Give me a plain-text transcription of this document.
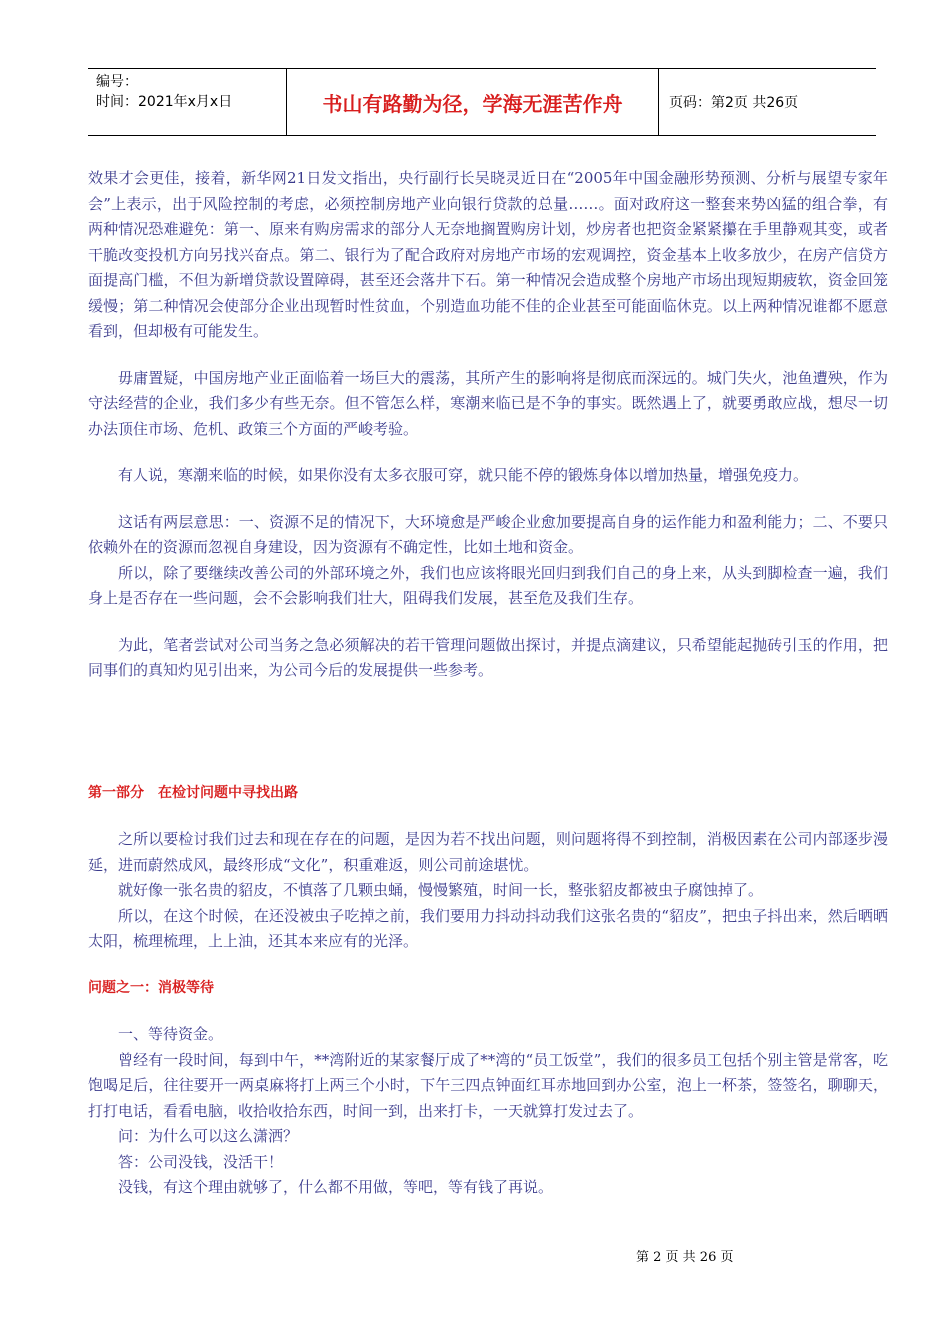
编号：
时间：2021年x月x日	书山有路勤为径，学海无涯苦作舟	页码：第2页 共26页

效果才会更佳，接着，新华网21日发文指出，央行副行长吴晓灵近日在“2005年中国金融形势预测、分析与展望专家年会”上表示，出于风险控制的考虑，必须控制房地产业向银行贷款的总量……。面对政府这一整套来势凶猛的组合拳，有两种情况恐难避免：第一、原来有购房需求的部分人无奈地搁置购房计划，炒房者也把资金紧紧攥在手里静观其变，或者干脆改变投机方向另找兴奋点。第二、银行为了配合政府对房地产市场的宏观调控，资金基本上收多放少，在房产信贷方面提高门槛，不但为新增贷款设置障碍，甚至还会落井下石。第一种情况会造成整个房地产市场出现短期疲软，资金回笼缓慢；第二种情况会使部分企业出现暂时性贫血，个别造血功能不佳的企业甚至可能面临休克。以上两种情况谁都不愿意看到，但却极有可能发生。

毋庸置疑，中国房地产业正面临着一场巨大的震荡，其所产生的影响将是彻底而深远的。城门失火，池鱼遭殃，作为守法经营的企业，我们多少有些无奈。但不管怎么样，寒潮来临已是不争的事实。既然遇上了，就要勇敢应战，想尽一切办法顶住市场、危机、政策三个方面的严峻考验。

有人说，寒潮来临的时候，如果你没有太多衣服可穿，就只能不停的锻炼身体以增加热量，增强免疫力。

这话有两层意思：一、资源不足的情况下，大环境愈是严峻企业愈加要提高自身的运作能力和盈利能力；二、不要只依赖外在的资源而忽视自身建设，因为资源有不确定性，比如土地和资金。

所以，除了要继续改善公司的外部环境之外，我们也应该将眼光回归到我们自己的身上来，从头到脚检查一遍，我们身上是否存在一些问题，会不会影响我们壮大，阻碍我们发展，甚至危及我们生存。

为此，笔者尝试对公司当务之急必须解决的若干管理问题做出探讨，并提点滴建议，只希望能起抛砖引玉的作用，把同事们的真知灼见引出来，为公司今后的发展提供一些参考。

第一部分　在检讨问题中寻找出路

之所以要检讨我们过去和现在存在的问题，是因为若不找出问题，则问题将得不到控制，消极因素在公司内部逐步漫延，进而蔚然成风，最终形成“文化”，积重难返，则公司前途堪忧。

就好像一张名贵的貂皮，不慎落了几颗虫蛹，慢慢繁殖，时间一长，整张貂皮都被虫子腐蚀掉了。

所以，在这个时候，在还没被虫子吃掉之前，我们要用力抖动抖动我们这张名贵的“貂皮”，把虫子抖出来，然后晒晒太阳，梳理梳理，上上油，还其本来应有的光泽。

问题之一：消极等待

一、等待资金。

曾经有一段时间，每到中午，**湾附近的某家餐厅成了**湾的“员工饭堂”，我们的很多员工包括个别主管是常客，吃饱喝足后，往往要开一两桌麻将打上两三个小时，下午三四点钟面红耳赤地回到办公室，泡上一杯茶，签签名，聊聊天，打打电话，看看电脑，收拾收拾东西，时间一到，出来打卡，一天就算打发过去了。

问：为什么可以这么潇洒？

答：公司没钱，没活干！

没钱，有这个理由就够了，什么都不用做，等吧，等有钱了再说。

第 2 页 共 26 页
